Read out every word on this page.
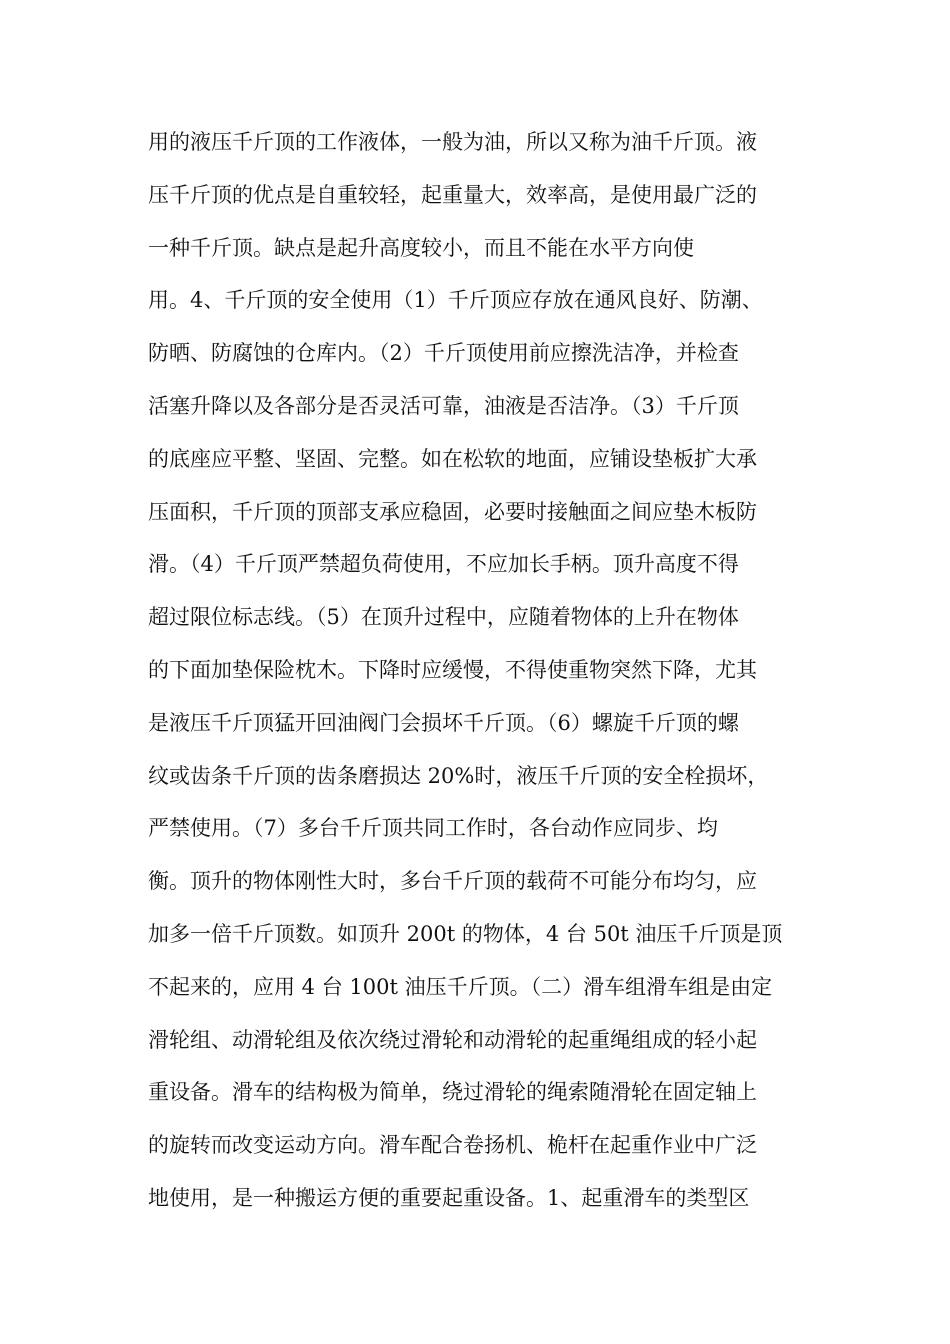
用的液压千斤顶的工作液体，一般为油，所以又称为油千斤顶。液
压千斤顶的优点是自重较轻，起重量大，效率高，是使用最广泛的
一种千斤顶。缺点是起升高度较小，而且不能在水平方向使
用。4、千斤顶的安全使用（1）千斤顶应存放在通风良好、防潮、
防晒、防腐蚀的仓库内。（2）千斤顶使用前应擦洗洁净，并检查
活塞升降以及各部分是否灵活可靠，油液是否洁净。（3）千斤顶
的底座应平整、坚固、完整。如在松软的地面，应铺设垫板扩大承
压面积，千斤顶的顶部支承应稳固，必要时接触面之间应垫木板防
滑。（4）千斤顶严禁超负荷使用，不应加长手柄。顶升高度不得
超过限位标志线。（5）在顶升过程中，应随着物体的上升在物体
的下面加垫保险枕木。下降时应缓慢，不得使重物突然下降，尤其
是液压千斤顶猛开回油阀门会损坏千斤顶。（6）螺旋千斤顶的螺
纹或齿条千斤顶的齿条磨损达 20%时，液压千斤顶的安全栓损坏，
严禁使用。（7）多台千斤顶共同工作时，各台动作应同步、均
衡。顶升的物体刚性大时，多台千斤顶的载荷不可能分布均匀，应
加多一倍千斤顶数。如顶升 200t 的物体，4 台 50t 油压千斤顶是顶
不起来的，应用 4 台 100t 油压千斤顶。（二）滑车组滑车组是由定
滑轮组、动滑轮组及依次绕过滑轮和动滑轮的起重绳组成的轻小起
重设备。滑车的结构极为简单，绕过滑轮的绳索随滑轮在固定轴上
的旋转而改变运动方向。滑车配合卷扬机、桅杆在起重作业中广泛
地使用，是一种搬运方便的重要起重设备。1、起重滑车的类型区
